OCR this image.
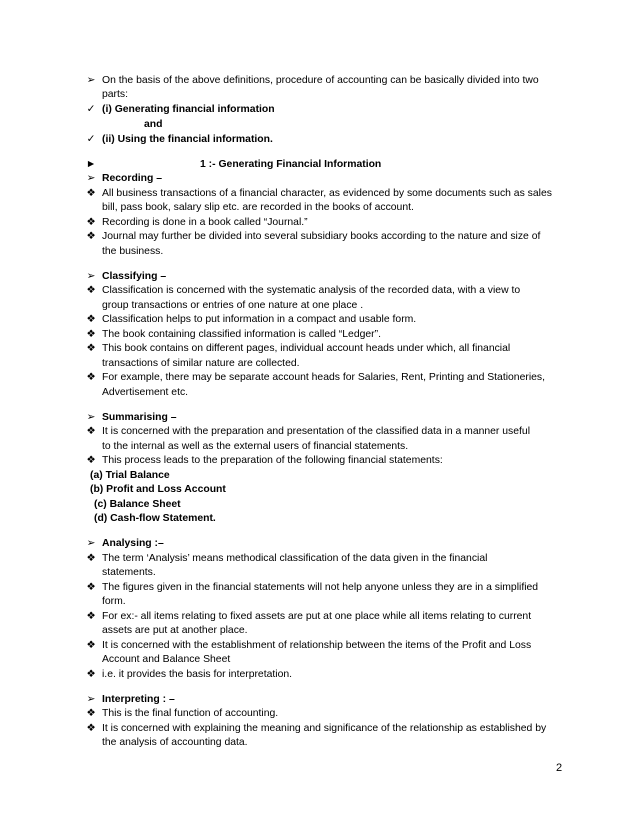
➢ On the basis of the above definitions, procedure of accounting can be basically divided into two
parts:
✓ (i) Generating financial information
and
✓ (ii) Using the financial information.
►	1 :- Generating Financial Information
➢ Recording –
❖ All business transactions of a financial character, as evidenced by some documents such as sales
bill, pass book, salary slip etc. are recorded in the books of account.
❖ Recording is done in a book called “Journal.”
❖ Journal may further be divided into several subsidiary books according to the nature and size of
the business.
➢ Classifying –
❖ Classification is concerned with the systematic analysis of the recorded data, with a view to
group transactions or entries of one nature at one place .
❖ Classification helps to put information in a compact and usable form.
❖ The book containing classified information is called “Ledger”.
❖ This book contains on different pages, individual account heads under which, all financial
transactions of similar nature are collected.
❖ For example, there may be separate account heads for Salaries, Rent, Printing and Stationeries,
Advertisement etc.
➢ Summarising –
❖ It is concerned with the preparation and presentation of the classified data in a manner useful
to the internal as well as the external users of financial statements.
❖ This process leads to the preparation of the following financial statements:
(a) Trial Balance
(b) Profit and Loss Account
(c) Balance Sheet
(d) Cash-flow Statement.
➢ Analysing :–
❖ The term ‘Analysis’ means methodical classification of the data given in the financial
statements.
❖ The figures given in the financial statements will not help anyone unless they are in a simplified
form.
❖ For ex:- all items relating to fixed assets are put at one place while all items relating to current
assets are put at another place.
❖ It is concerned with the establishment of relationship between the items of the Profit and Loss
Account and Balance Sheet
❖ i.e. it provides the basis for interpretation.
➢ Interpreting : –
❖ This is the final function of accounting.
❖ It is concerned with explaining the meaning and significance of the relationship as established by
the analysis of accounting data.
2
